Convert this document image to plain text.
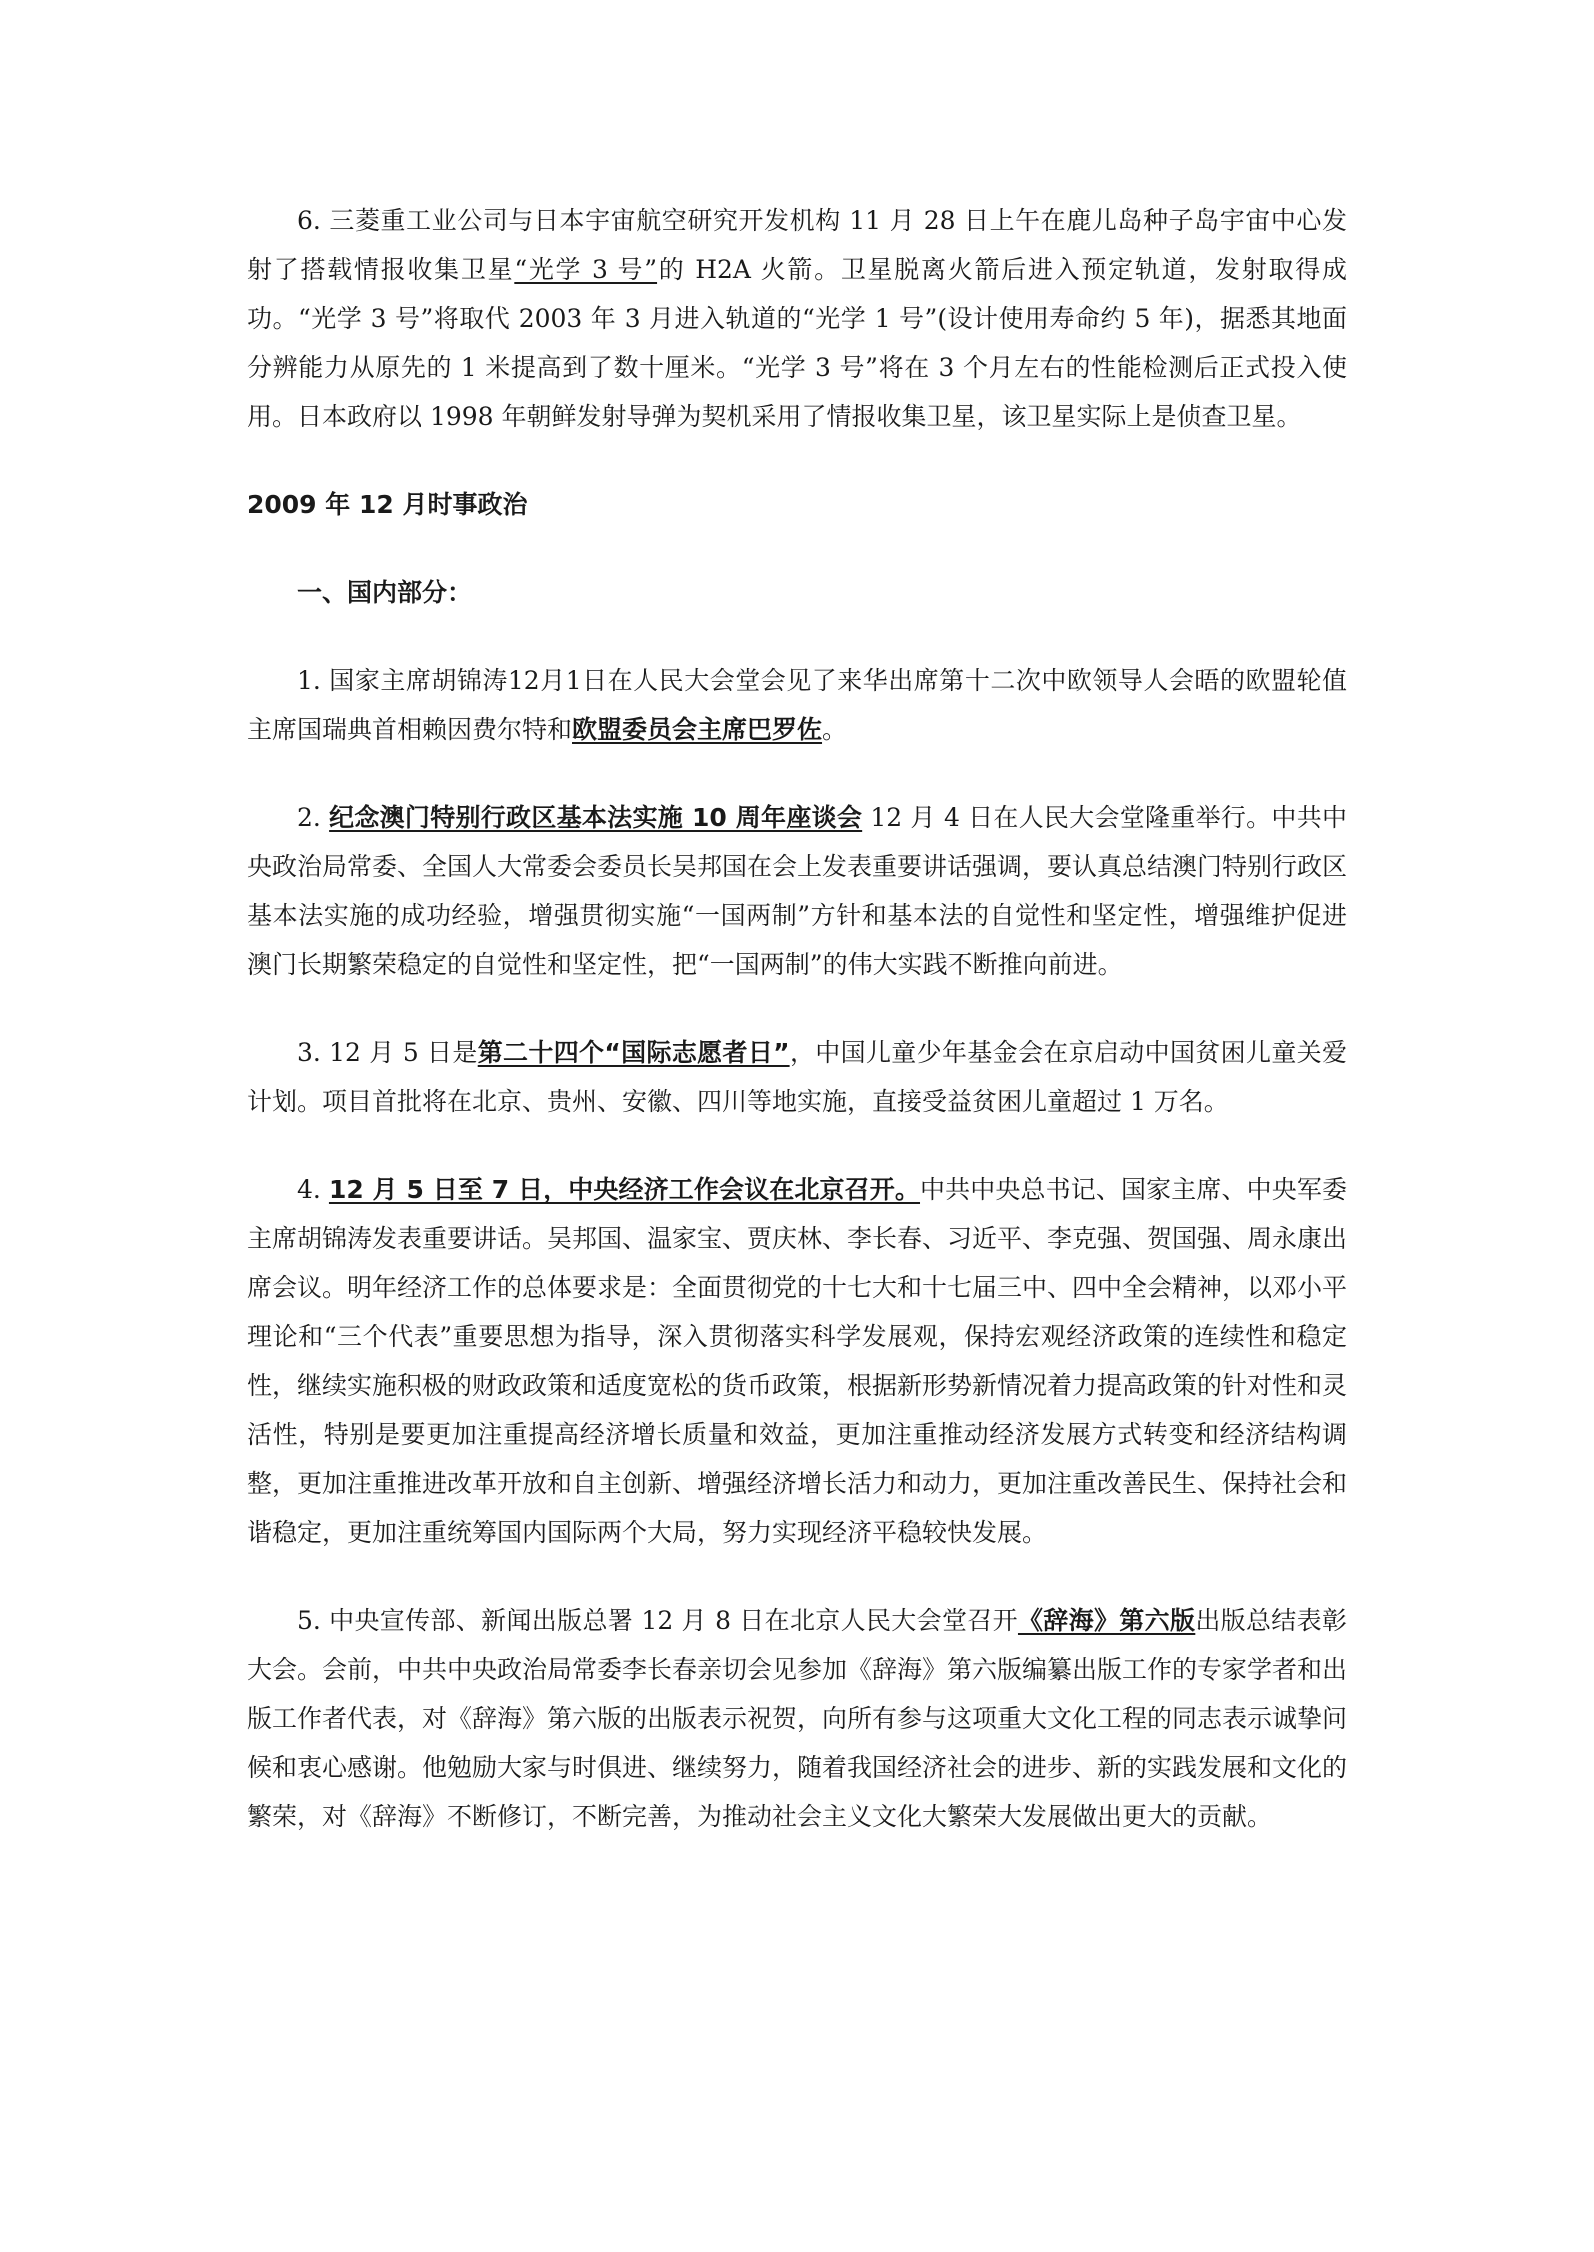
6. 三菱重工业公司与日本宇宙航空研究开发机构 11 月 28 日上午在鹿儿岛种子岛宇宙中心发射了搭载情报收集卫星“光学 3 号”的 H2A 火箭。卫星脱离火箭后进入预定轨道，发射取得成功。“光学 3 号”将取代 2003 年 3 月进入轨道的“光学 1 号”(设计使用寿命约 5 年)，据悉其地面分辨能力从原先的 1 米提高到了数十厘米。“光学 3 号”将在 3 个月左右的性能检测后正式投入使用。日本政府以 1998 年朝鲜发射导弹为契机采用了情报收集卫星，该卫星实际上是侦查卫星。

2009 年 12 月时事政治

一、国内部分：

1. 国家主席胡锦涛12月1日在人民大会堂会见了来华出席第十二次中欧领导人会晤的欧盟轮值主席国瑞典首相赖因费尔特和欧盟委员会主席巴罗佐。

2. 纪念澳门特别行政区基本法实施 10 周年座谈会 12 月 4 日在人民大会堂隆重举行。中共中央政治局常委、全国人大常委会委员长吴邦国在会上发表重要讲话强调，要认真总结澳门特别行政区基本法实施的成功经验，增强贯彻实施“一国两制”方针和基本法的自觉性和坚定性，增强维护促进澳门长期繁荣稳定的自觉性和坚定性，把“一国两制”的伟大实践不断推向前进。

3. 12 月 5 日是第二十四个“国际志愿者日”，中国儿童少年基金会在京启动中国贫困儿童关爱计划。项目首批将在北京、贵州、安徽、四川等地实施，直接受益贫困儿童超过 1 万名。

4. 12 月 5 日至 7 日，中央经济工作会议在北京召开。中共中央总书记、国家主席、中央军委主席胡锦涛发表重要讲话。吴邦国、温家宝、贾庆林、李长春、习近平、李克强、贺国强、周永康出席会议。明年经济工作的总体要求是：全面贯彻党的十七大和十七届三中、四中全会精神，以邓小平理论和“三个代表”重要思想为指导，深入贯彻落实科学发展观，保持宏观经济政策的连续性和稳定性，继续实施积极的财政政策和适度宽松的货币政策，根据新形势新情况着力提高政策的针对性和灵活性，特别是要更加注重提高经济增长质量和效益，更加注重推动经济发展方式转变和经济结构调整，更加注重推进改革开放和自主创新、增强经济增长活力和动力，更加注重改善民生、保持社会和谐稳定，更加注重统筹国内国际两个大局，努力实现经济平稳较快发展。

5. 中央宣传部、新闻出版总署 12 月 8 日在北京人民大会堂召开《辞海》第六版出版总结表彰大会。会前，中共中央政治局常委李长春亲切会见参加《辞海》第六版编纂出版工作的专家学者和出版工作者代表，对《辞海》第六版的出版表示祝贺，向所有参与这项重大文化工程的同志表示诚挚问候和衷心感谢。他勉励大家与时俱进、继续努力，随着我国经济社会的进步、新的实践发展和文化的繁荣，对《辞海》不断修订，不断完善，为推动社会主义文化大繁荣大发展做出更大的贡献。
